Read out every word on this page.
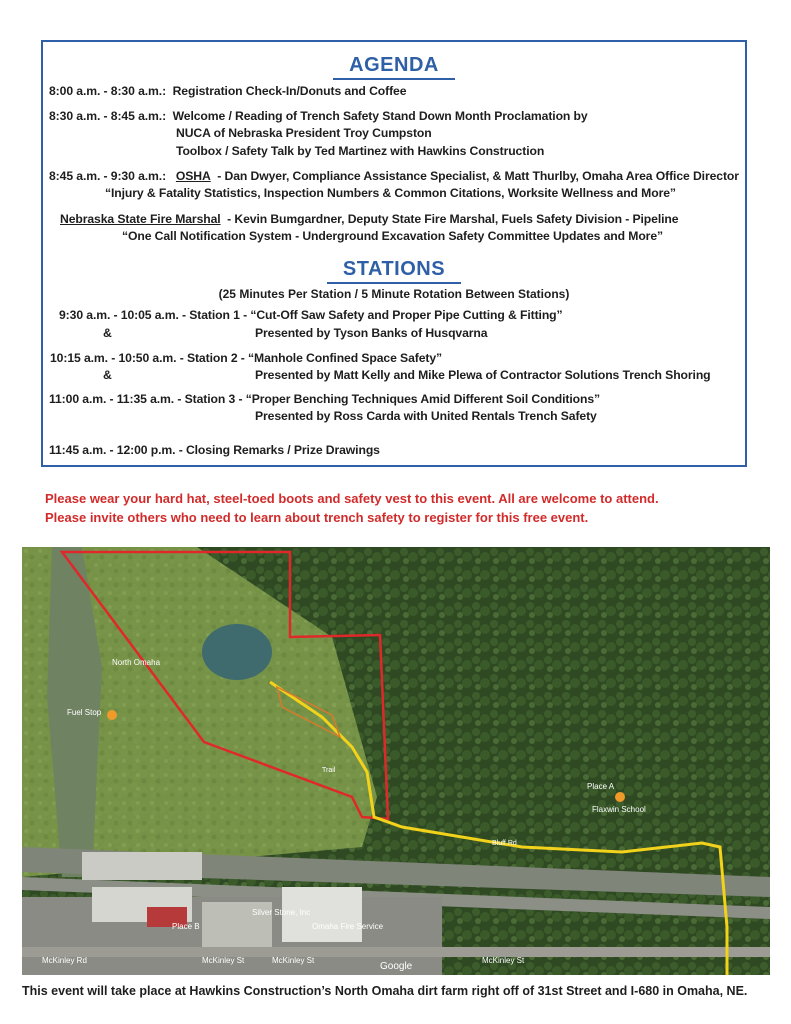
AGENDA
8:00 a.m. - 8:30 a.m.: Registration Check-In/Donuts and Coffee
8:30 a.m. - 8:45 a.m.: Welcome / Reading of Trench Safety Stand Down Month Proclamation by
NUCA of Nebraska President Troy Cumpston
Toolbox / Safety Talk by Ted Martinez with Hawkins Construction
8:45 a.m. - 9:30 a.m.: OSHA - Dan Dwyer, Compliance Assistance Specialist, & Matt Thurlby, Omaha Area Office Director
“Injury & Fatality Statistics, Inspection Numbers & Common Citations, Worksite Wellness and More”
Nebraska State Fire Marshal - Kevin Bumgardner, Deputy State Fire Marshal, Fuels Safety Division - Pipeline
“One Call Notification System - Underground Excavation Safety Committee Updates and More”
STATIONS
(25 Minutes Per Station / 5 Minute Rotation Between Stations)
9:30 a.m. - 10:05 a.m. - Station 1 - “Cut-Off Saw Safety and Proper Pipe Cutting & Fitting”
&	Presented by Tyson Banks of Husqvarna
10:15 a.m. - 10:50 a.m. - Station 2 - “Manhole Confined Space Safety”
&	Presented by Matt Kelly and Mike Plewa of Contractor Solutions Trench Shoring
11:00 a.m. - 11:35 a.m. - Station 3 - “Proper Benching Techniques Amid Different Soil Conditions”
Presented by Ross Carda with United Rentals Trench Safety
11:45 a.m. - 12:00 p.m. - Closing Remarks / Prize Drawings
Please wear your hard hat, steel-toed boots and safety vest to this event. All are welcome to attend.
Please invite others who need to learn about trench safety to register for this free event.
Fuel Stop
North Omaha
Place A
Flaxwin School
Bluff Rd
Trail
Silver Stone, Inc
Omaha Fire Service
Place B
McKinley Rd	McKinley St	McKinley St	McKinley St
Google
This event will take place at Hawkins Construction’s North Omaha dirt farm right off of 31st Street and I-680 in Omaha, NE.
